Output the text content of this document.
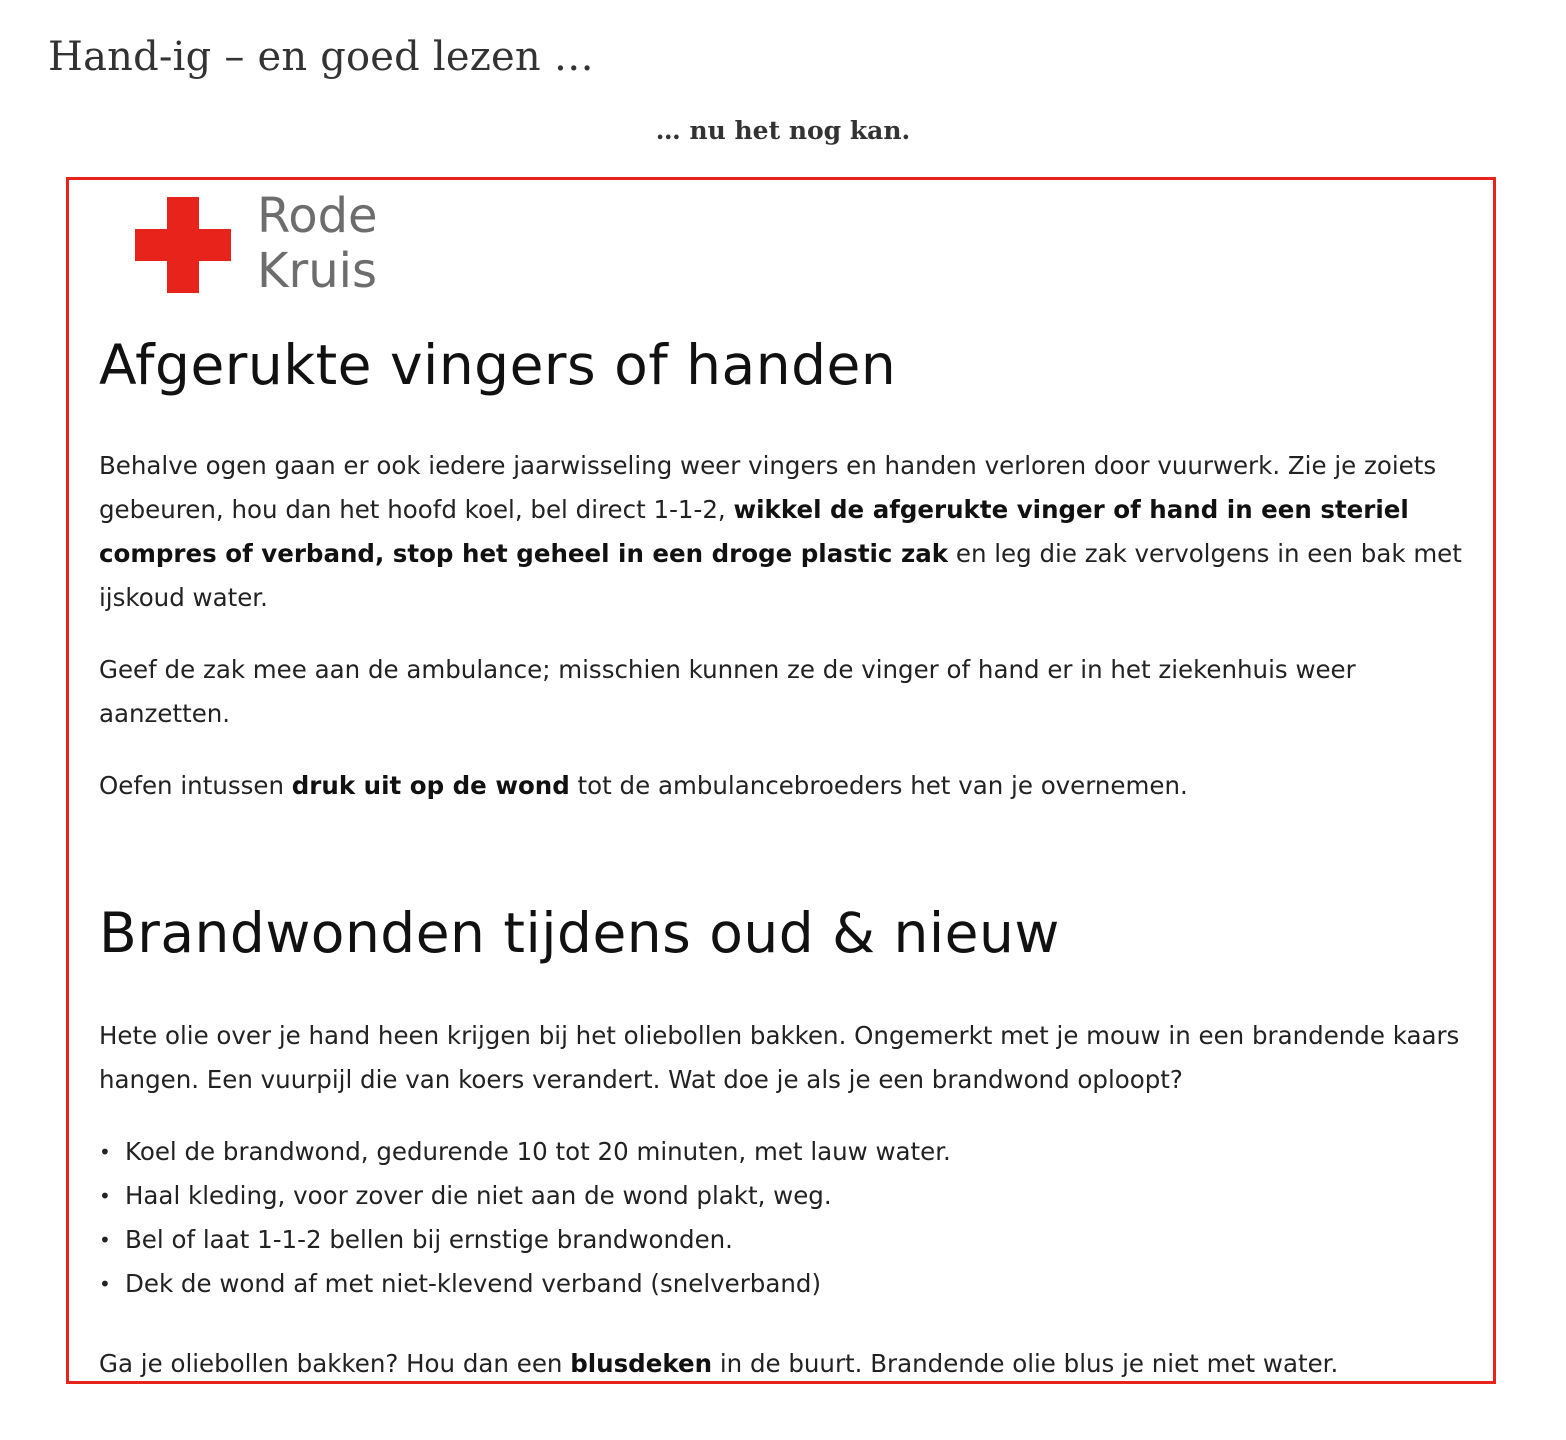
Hand-ig – en goed lezen …
… nu het nog kan.
Rode
Kruis
Afgerukte vingers of handen

Behalve ogen gaan er ook iedere jaarwisseling weer vingers en handen verloren door vuurwerk. Zie je zoiets gebeuren, hou dan het hoofd koel, bel direct 1-1-2, wikkel de afgerukte vinger of hand in een steriel compres of verband, stop het geheel in een droge plastic zak en leg die zak vervolgens in een bak met ijskoud water.

Geef de zak mee aan de ambulance; misschien kunnen ze de vinger of hand er in het ziekenhuis weer aanzetten.

Oefen intussen druk uit op de wond tot de ambulancebroeders het van je overnemen.

Brandwonden tijdens oud & nieuw

Hete olie over je hand heen krijgen bij het oliebollen bakken. Ongemerkt met je mouw in een brandende kaars hangen. Een vuurpijl die van koers verandert. Wat doe je als je een brandwond oploopt?

• Koel de brandwond, gedurende 10 tot 20 minuten, met lauw water.
• Haal kleding, voor zover die niet aan de wond plakt, weg.
• Bel of laat 1-1-2 bellen bij ernstige brandwonden.
• Dek de wond af met niet-klevend verband (snelverband)

Ga je oliebollen bakken? Hou dan een blusdeken in de buurt. Brandende olie blus je niet met water.
